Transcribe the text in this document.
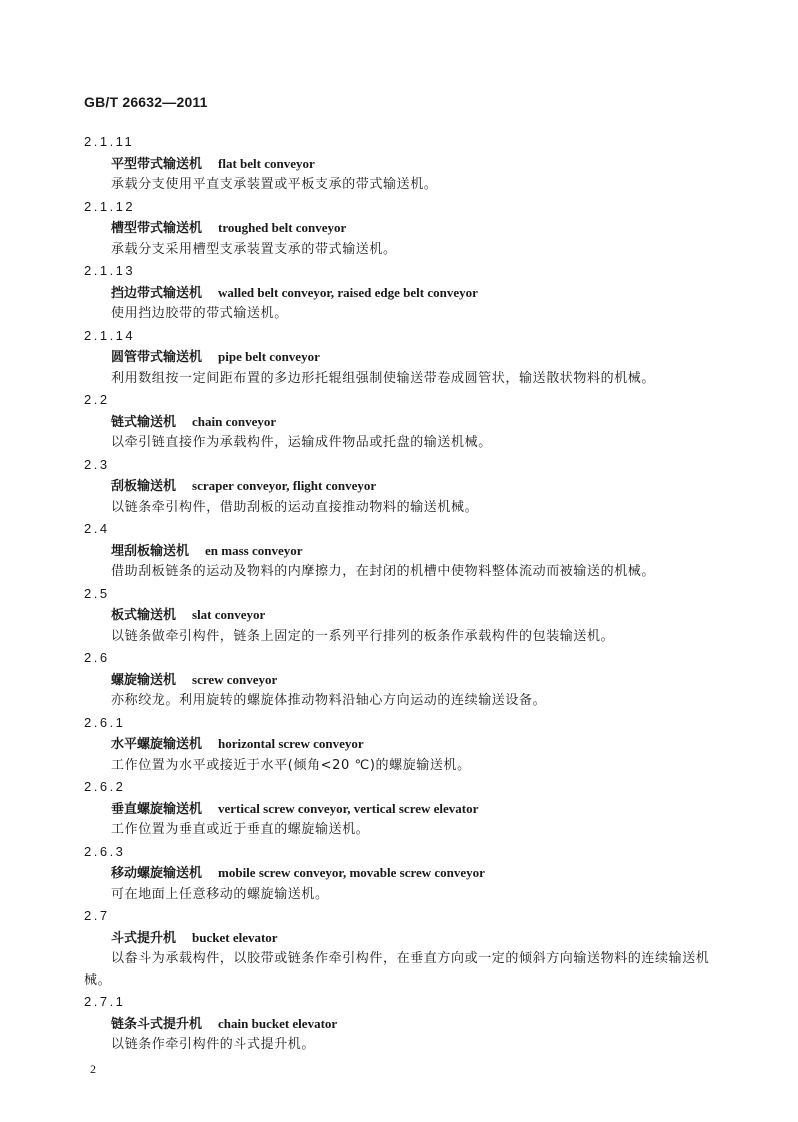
GB/T 26632—2011
2.1.11
平型带式输送机 flat belt conveyor
承载分支使用平直支承装置或平板支承的带式输送机。
2.1.12
槽型带式输送机 troughed belt conveyor
承载分支采用槽型支承装置支承的带式输送机。
2.1.13
挡边带式输送机 walled belt conveyor, raised edge belt conveyor
使用挡边胶带的带式输送机。
2.1.14
圆管带式输送机 pipe belt conveyor
利用数组按一定间距布置的多边形托辊组强制使输送带卷成圆管状，输送散状物料的机械。
2.2
链式输送机 chain conveyor
以牵引链直接作为承载构件，运输成件物品或托盘的输送机械。
2.3
刮板输送机 scraper conveyor, flight conveyor
以链条牵引构件，借助刮板的运动直接推动物料的输送机械。
2.4
埋刮板输送机 en mass conveyor
借助刮板链条的运动及物料的内摩擦力，在封闭的机槽中使物料整体流动而被输送的机械。
2.5
板式输送机 slat conveyor
以链条做牵引构件，链条上固定的一系列平行排列的板条作承载构件的包装输送机。
2.6
螺旋输送机 screw conveyor
亦称绞龙。利用旋转的螺旋体推动物料沿轴心方向运动的连续输送设备。
2.6.1
水平螺旋输送机 horizontal screw conveyor
工作位置为水平或接近于水平(倾角<20 ℃)的螺旋输送机。
2.6.2
垂直螺旋输送机 vertical screw conveyor, vertical screw elevator
工作位置为垂直或近于垂直的螺旋输送机。
2.6.3
移动螺旋输送机 mobile screw conveyor, movable screw conveyor
可在地面上任意移动的螺旋输送机。
2.7
斗式提升机 bucket elevator
以畚斗为承载构件，以胶带或链条作牵引构件，在垂直方向或一定的倾斜方向输送物料的连续输送机械。
2.7.1
链条斗式提升机 chain bucket elevator
以链条作牵引构件的斗式提升机。
2
